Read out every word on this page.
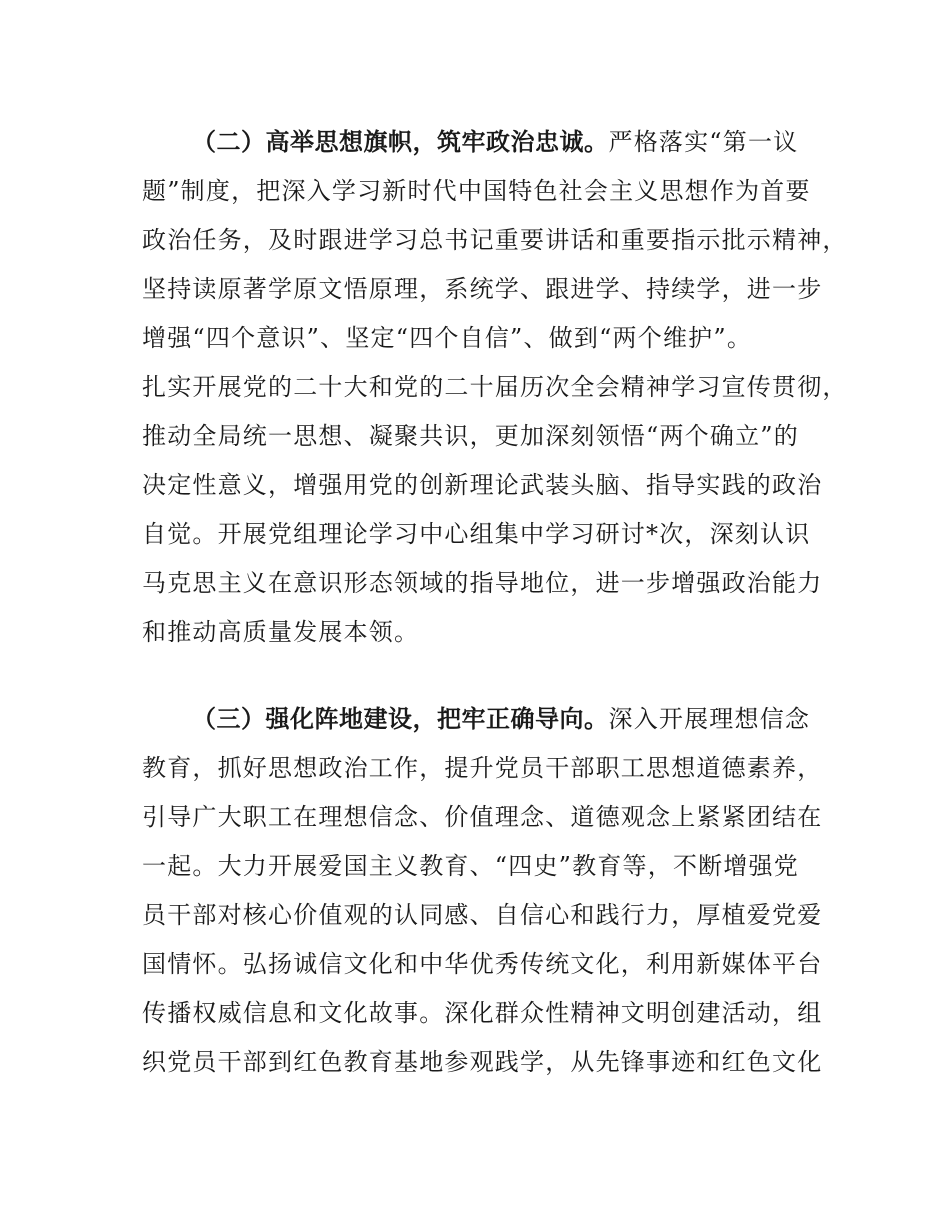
（二）高举思想旗帜，筑牢政治忠诚。严格落实“第一议
题”制度，把深入学习新时代中国特色社会主义思想作为首要
政治任务，及时跟进学习总书记重要讲话和重要指示批示精神，
坚持读原著学原文悟原理，系统学、跟进学、持续学，进一步
增强“四个意识”、坚定“四个自信”、做到“两个维护”。
扎实开展党的二十大和党的二十届历次全会精神学习宣传贯彻，
推动全局统一思想、凝聚共识，更加深刻领悟“两个确立”的
决定性意义，增强用党的创新理论武装头脑、指导实践的政治
自觉。开展党组理论学习中心组集中学习研讨*次，深刻认识
马克思主义在意识形态领域的指导地位，进一步增强政治能力
和推动高质量发展本领。
（三）强化阵地建设，把牢正确导向。深入开展理想信念
教育，抓好思想政治工作，提升党员干部职工思想道德素养，
引导广大职工在理想信念、价值理念、道德观念上紧紧团结在
一起。大力开展爱国主义教育、“四史”教育等，不断增强党
员干部对核心价值观的认同感、自信心和践行力，厚植爱党爱
国情怀。弘扬诚信文化和中华优秀传统文化，利用新媒体平台
传播权威信息和文化故事。深化群众性精神文明创建活动，组
织党员干部到红色教育基地参观践学，从先锋事迹和红色文化
